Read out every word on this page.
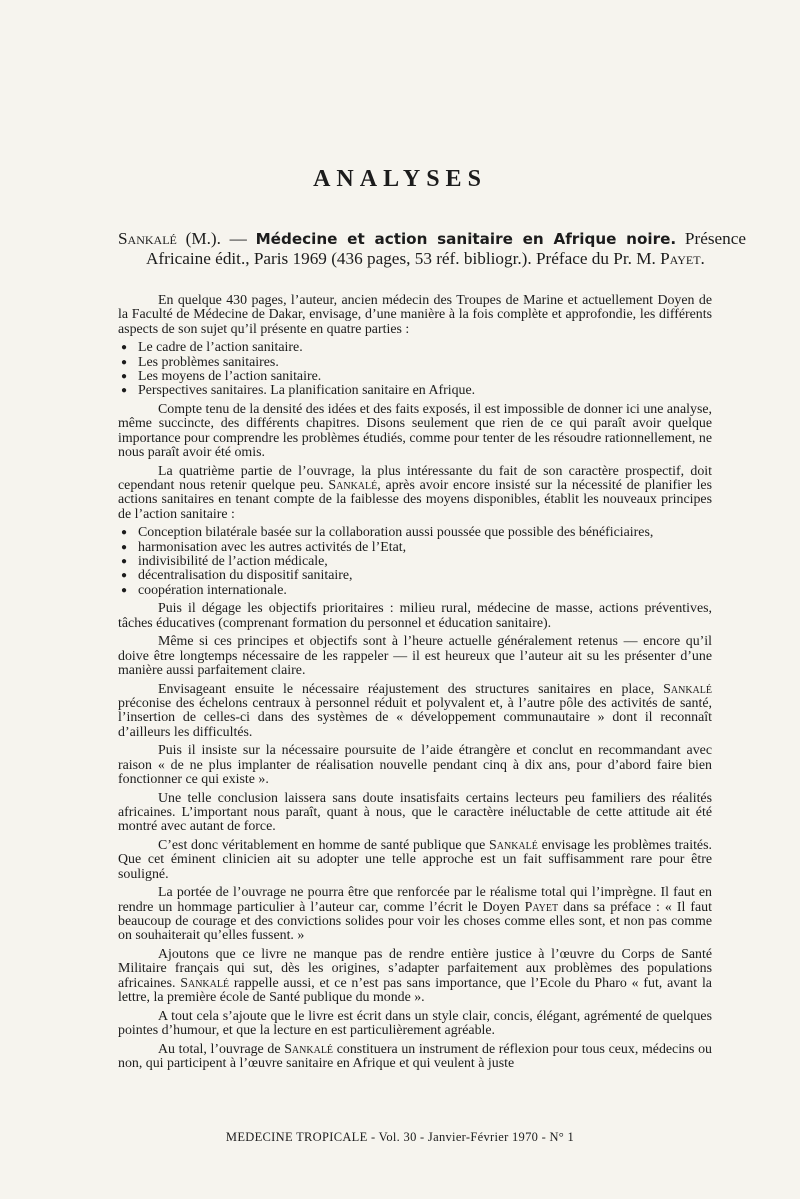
ANALYSES
Sankalé (M.). — Médecine et action sanitaire en Afrique noire. Présence Africaine édit., Paris 1969 (436 pages, 53 réf. bibliogr.). Préface du Pr. M. Payet.

En quelque 430 pages, l’auteur, ancien médecin des Troupes de Marine et actuellement Doyen de la Faculté de Médecine de Dakar, envisage, d’une manière à la fois complète et approfondie, les différents aspects de son sujet qu’il présente en quatre parties :

● Le cadre de l’action sanitaire.
● Les problèmes sanitaires.
● Les moyens de l’action sanitaire.
● Perspectives sanitaires. La planification sanitaire en Afrique.

Compte tenu de la densité des idées et des faits exposés, il est impossible de donner ici une analyse, même succincte, des différents chapitres. Disons seulement que rien de ce qui paraît avoir quelque importance pour comprendre les problèmes étudiés, comme pour tenter de les résoudre rationnellement, ne nous paraît avoir été omis.

La quatrième partie de l’ouvrage, la plus intéressante du fait de son caractère prospectif, doit cependant nous retenir quelque peu. Sankalé, après avoir encore insisté sur la nécessité de planifier les actions sanitaires en tenant compte de la faiblesse des moyens disponibles, établit les nouveaux principes de l’action sanitaire :

● Conception bilatérale basée sur la collaboration aussi poussée que possible des bénéficiaires,
● harmonisation avec les autres activités de l’Etat,
● indivisibilité de l’action médicale,
● décentralisation du dispositif sanitaire,
● coopération internationale.

Puis il dégage les objectifs prioritaires : milieu rural, médecine de masse, actions préventives, tâches éducatives (comprenant formation du personnel et éducation sanitaire).

Même si ces principes et objectifs sont à l’heure actuelle généralement retenus — encore qu’il doive être longtemps nécessaire de les rappeler — il est heureux que l’auteur ait su les présenter d’une manière aussi parfaitement claire.

Envisageant ensuite le nécessaire réajustement des structures sanitaires en place, Sankalé préconise des échelons centraux à personnel réduit et polyvalent et, à l’autre pôle des activités de santé, l’insertion de celles-ci dans des systèmes de « développement communautaire » dont il reconnaît d’ailleurs les difficultés.

Puis il insiste sur la nécessaire poursuite de l’aide étrangère et conclut en recommandant avec raison « de ne plus implanter de réalisation nouvelle pendant cinq à dix ans, pour d’abord faire bien fonctionner ce qui existe ».

Une telle conclusion laissera sans doute insatisfaits certains lecteurs peu familiers des réalités africaines. L’important nous paraît, quant à nous, que le caractère inéluctable de cette attitude ait été montré avec autant de force.

C’est donc véritablement en homme de santé publique que Sankalé envisage les problèmes traités. Que cet éminent clinicien ait su adopter une telle approche est un fait suffisamment rare pour être souligné.

La portée de l’ouvrage ne pourra être que renforcée par le réalisme total qui l’imprègne. Il faut en rendre un hommage particulier à l’auteur car, comme l’écrit le Doyen Payet dans sa préface : « Il faut beaucoup de courage et des convictions solides pour voir les choses comme elles sont, et non pas comme on souhaiterait qu’elles fussent. »

Ajoutons que ce livre ne manque pas de rendre entière justice à l’œuvre du Corps de Santé Militaire français qui sut, dès les origines, s’adapter parfaitement aux problèmes des populations africaines. Sankalé rappelle aussi, et ce n’est pas sans importance, que l’Ecole du Pharo « fut, avant la lettre, la première école de Santé publique du monde ».

A tout cela s’ajoute que le livre est écrit dans un style clair, concis, élégant, agrémenté de quelques pointes d’humour, et que la lecture en est particulièrement agréable.

Au total, l’ouvrage de Sankalé constituera un instrument de réflexion pour tous ceux, médecins ou non, qui participent à l’œuvre sanitaire en Afrique et qui veulent à juste

MEDECINE TROPICALE - Vol. 30 - Janvier-Février 1970 - N° 1
